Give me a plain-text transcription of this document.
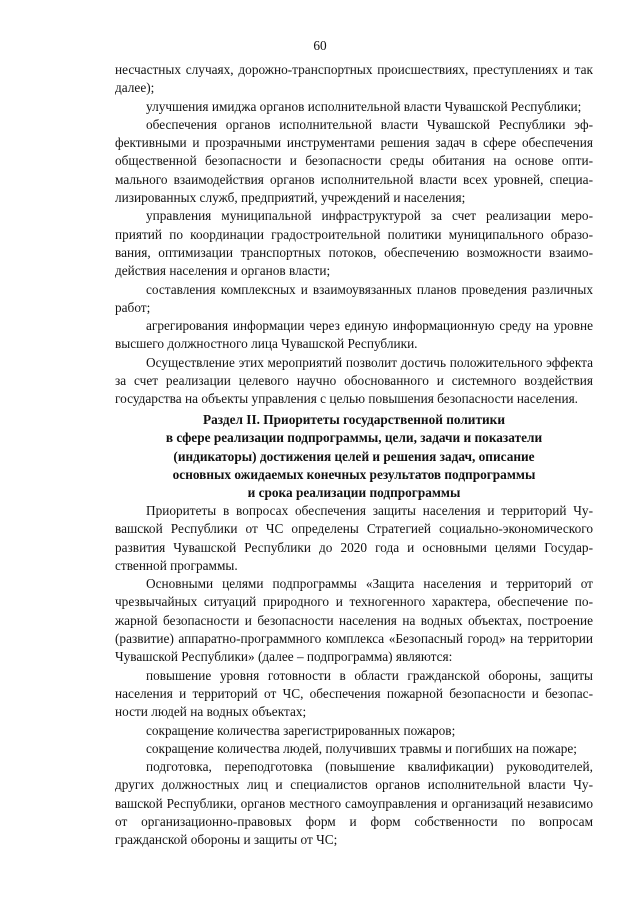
60

несчастных случаях, дорожно-транспортных происшествиях, преступлениях и так далее);

улучшения имиджа органов исполнительной власти Чувашской Республики;

обеспечения органов исполнительной власти Чувашской Республики эффективными и прозрачными инструментами решения задач в сфере обеспечения общественной безопасности и безопасности среды обитания на основе оптимального взаимодействия органов исполнительной власти всех уровней, специализированных служб, предприятий, учреждений и населения;

управления муниципальной инфраструктурой за счет реализации мероприятий по координации градостроительной политики муниципального образования, оптимизации транспортных потоков, обеспечению возможности взаимодействия населения и органов власти;

составления комплексных и взаимоувязанных планов проведения различных работ;

агрегирования информации через единую информационную среду на уровне высшего должностного лица Чувашской Республики.

Осуществление этих мероприятий позволит достичь положительного эффекта за счет реализации целевого научно обоснованного и системного воздействия государства на объекты управления с целью повышения безопасности населения.

Раздел II. Приоритеты государственной политики
в сфере реализации подпрограммы, цели, задачи и показатели
(индикаторы) достижения целей и решения задач, описание
основных ожидаемых конечных результатов подпрограммы
и срока реализации подпрограммы

Приоритеты в вопросах обеспечения защиты населения и территорий Чувашской Республики от ЧС определены Стратегией социально-экономического развития Чувашской Республики до 2020 года и основными целями Государственной программы.

Основными целями подпрограммы «Защита населения и территорий от чрезвычайных ситуаций природного и техногенного характера, обеспечение пожарной безопасности и безопасности населения на водных объектах, построение (развитие) аппаратно-программного комплекса «Безопасный город» на территории Чувашской Республики» (далее – подпрограмма) являются:

повышение уровня готовности в области гражданской обороны, защиты населения и территорий от ЧС, обеспечения пожарной безопасности и безопасности людей на водных объектах;

сокращение количества зарегистрированных пожаров;

сокращение количества людей, получивших травмы и погибших на пожаре;

подготовка, переподготовка (повышение квалификации) руководителей, других должностных лиц и специалистов органов исполнительной власти Чувашской Республики, органов местного самоуправления и организаций независимо от организационно-правовых форм и форм собственности по вопросам гражданской обороны и защиты от ЧС;
